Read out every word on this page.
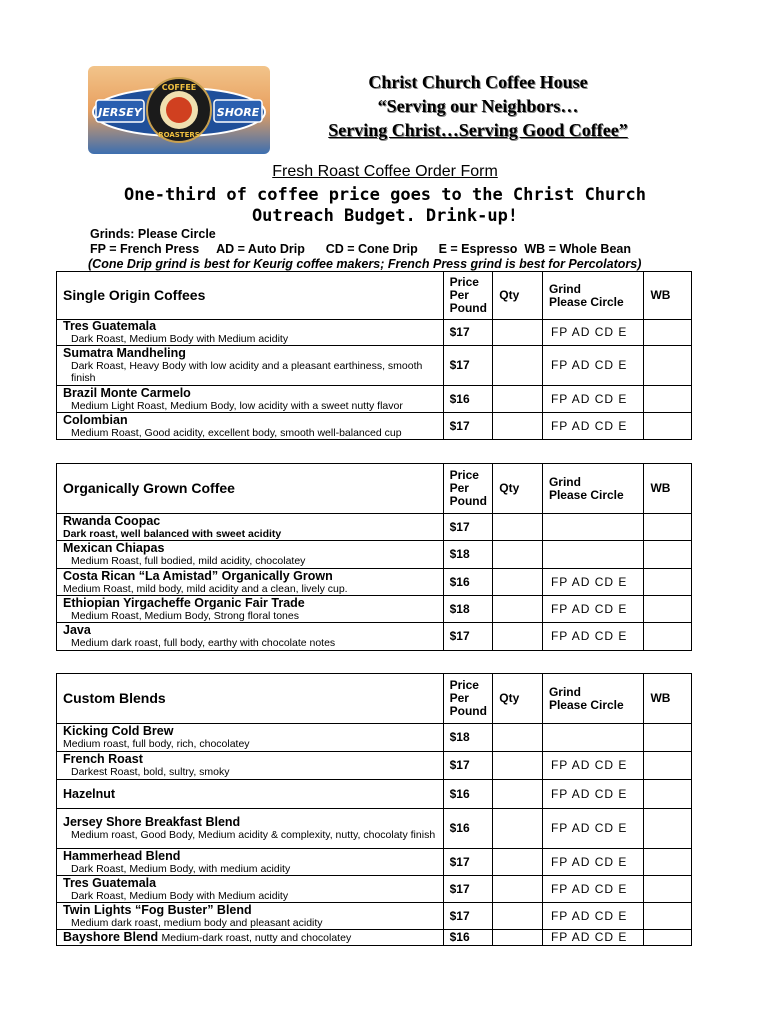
JERSEY	SHORE
COFFEE
ROASTERS
Christ Church Coffee House
“Serving our Neighbors…
Serving Christ…Serving Good Coffee”
Fresh Roast Coffee Order Form
One-third of coffee price goes to the Christ Church
Outreach Budget. Drink-up!
Grinds: Please Circle
FP = French Press     AD = Auto Drip      CD = Cone Drip      E = Espresso  WB = Whole Bean
(Cone Drip grind is best for Keurig coffee makers; French Press grind is best for Percolators)
Single Origin Coffees	Price
Per
Pound	Qty	Grind
Please Circle	WB

Tres Guatemala
Dark Roast, Medium Body with Medium acidity	$17		FP AD CD E	

Sumatra Mandheling
Dark Roast, Heavy Body with low acidity and a pleasant earthiness, smooth finish	$17		FP AD CD E	

Brazil Monte Carmelo
Medium Light Roast, Medium Body, low acidity with a sweet nutty flavor	$16		FP AD CD E	

Colombian
Medium Roast, Good acidity, excellent body, smooth well-balanced cup	$17		FP AD CD E	
Organically Grown Coffee	Price
Per
Pound	Qty	Grind
Please Circle	WB

Rwanda Coopac
Dark roast, well balanced with sweet acidity	$17			

Mexican Chiapas
Medium Roast, full bodied, mild acidity, chocolatey	$18			

Costa Rican “La Amistad” Organically Grown
Medium Roast, mild body, mild acidity and a clean, lively cup.	$16		FP AD CD E	

Ethiopian Yirgacheffe Organic Fair Trade
Medium Roast, Medium Body, Strong floral tones	$18		FP AD CD E	

Java
Medium dark roast, full body, earthy with chocolate notes	$17		FP AD CD E	
Custom Blends	Price
Per
Pound	Qty	Grind
Please Circle	WB

Kicking Cold Brew
Medium roast, full body, rich, chocolatey	$18			

French Roast
Darkest Roast, bold, sultry, smoky	$17		FP AD CD E	

Hazelnut	$16		FP AD CD E	

Jersey Shore Breakfast Blend
Medium roast, Good Body, Medium acidity & complexity, nutty, chocolaty finish	$16		FP AD CD E	

Hammerhead Blend
Dark Roast, Medium Body, with medium acidity	$17		FP AD CD E	

Tres Guatemala
Dark Roast, Medium Body with Medium acidity	$17		FP AD CD E	

Twin Lights “Fog Buster” Blend
Medium dark roast, medium body and pleasant acidity	$17		FP AD CD E	
Bayshore Blend Medium-dark roast, nutty and chocolatey	$16		FP AD CD E	
